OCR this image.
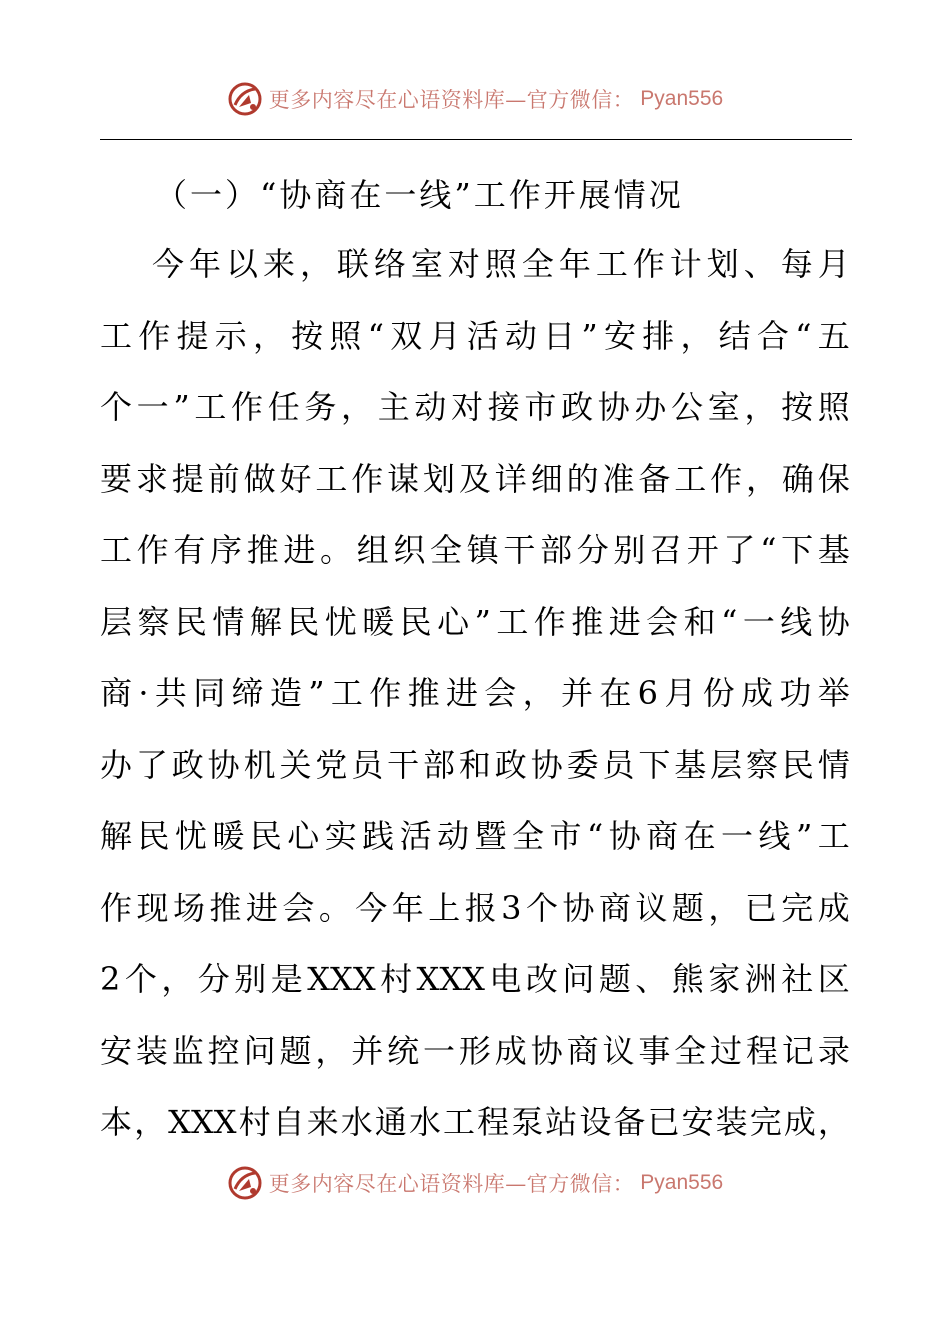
更多内容尽在心语资料库—官方微信： Pyan556
（一）“协商在一线”工作开展情况
今 年 以 来 ， 联 络 室 对 照 全 年 工 作 计 划 、 每 月
工 作 提 示 ， 按 照 “ 双 月 活 动 日 ” 安 排 ， 结 合 “ 五
个 一 ” 工 作 任 务 ， 主 动 对 接 市 政 协 办 公 室 ， 按 照
要 求 提 前 做 好 工 作 谋 划 及 详 细 的 准 备 工 作 ， 确 保
工 作 有 序 推 进 。 组 织 全 镇 干 部 分 别 召 开 了 “ 下 基
层 察 民 情 解 民 忧 暖 民 心 ” 工 作 推 进 会 和 “ 一 线 协
商 · 共 同 缔 造 ” 工 作 推 进 会 ， 并 在 6 月 份 成 功 举
办 了 政 协 机 关 党 员 干 部 和 政 协 委 员 下 基 层 察 民 情
解 民 忧 暖 民 心 实 践 活 动 暨 全 市 “ 协 商 在 一 线 ” 工
作 现 场 推 进 会 。 今 年 上 报 3 个 协 商 议 题 ， 已 完 成
2 个 ， 分 别 是 XXX 村 XXX 电 改 问 题 、 熊 家 洲 社 区
安 装 监 控 问 题 ， 并 统 一 形 成 协 商 议 事 全 过 程 记 录
本 ， XXX 村 自 来 水 通 水 工 程 泵 站 设 备 已 安 装 完 成 ，
更多内容尽在心语资料库—官方微信： Pyan556
